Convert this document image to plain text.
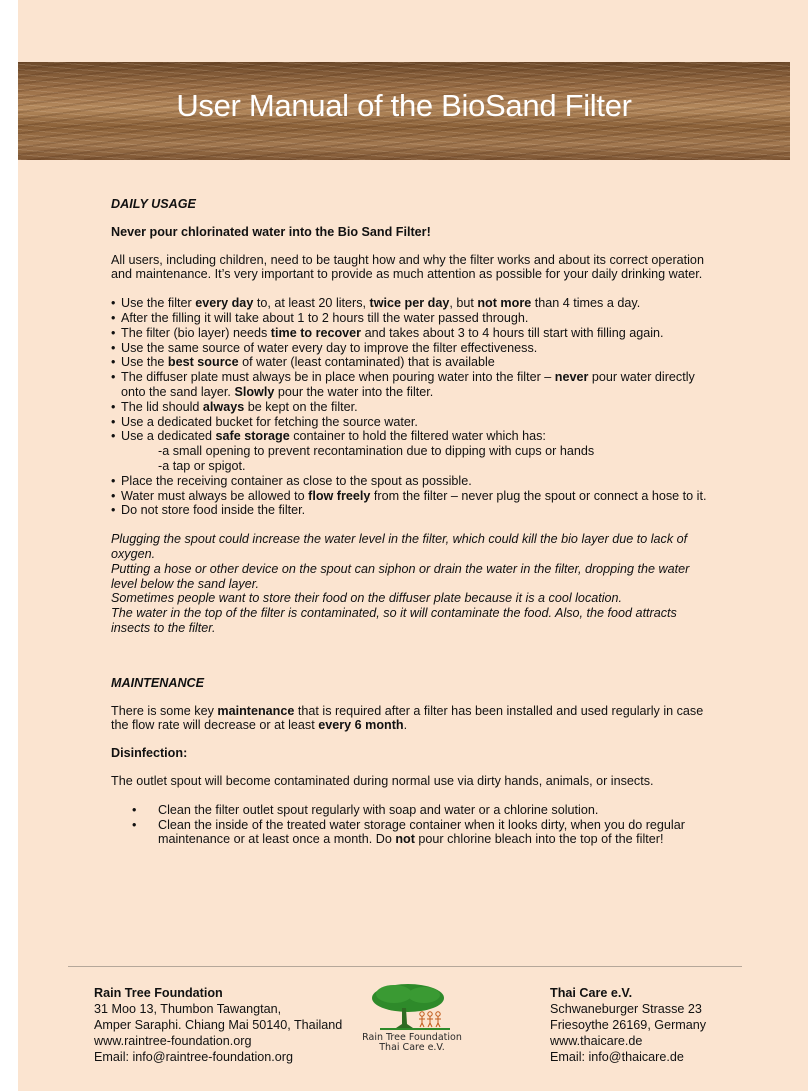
User Manual of the BioSand Filter
DAILY USAGE
Never pour chlorinated water into the Bio Sand Filter!
All users, including children, need to be taught how and why the filter works and about its correct operation and maintenance. It’s very important to provide as much attention as possible for your daily drinking water.
• Use the filter every day to, at least 20 liters, twice per day, but not more than 4 times a day.
• After the filling it will take about 1 to 2 hours till the water passed through.
• The filter (bio layer) needs time to recover and takes about 3 to 4 hours till start with filling again.
• Use the same source of water every day to improve the filter effectiveness.
• Use the best source of water (least contaminated) that is available
• The diffuser plate must always be in place when pouring water into the filter – never pour water directly onto the sand layer. Slowly pour the water into the filter.
• The lid should always be kept on the filter.
• Use a dedicated bucket for fetching the source water.
• Use a dedicated safe storage container to hold the filtered water which has:
-a small opening to prevent recontamination due to dipping with cups or hands
-a tap or spigot.
• Place the receiving container as close to the spout as possible.
• Water must always be allowed to flow freely from the filter – never plug the spout or connect a hose to it.
• Do not store food inside the filter.
Plugging the spout could increase the water level in the filter, which could kill the bio layer due to lack of oxygen.
Putting a hose or other device on the spout can siphon or drain the water in the filter, dropping the water level below the sand layer.
Sometimes people want to store their food on the diffuser plate because it is a cool location.
The water in the top of the filter is contaminated, so it will contaminate the food. Also, the food attracts insects to the filter.
MAINTENANCE
There is some key maintenance that is required after a filter has been installed and used regularly in case the flow rate will decrease or at least every 6 month.
Disinfection:
The outlet spout will become contaminated during normal use via dirty hands, animals, or insects.
• Clean the filter outlet spout regularly with soap and water or a chlorine solution.
• Clean the inside of the treated water storage container when it looks dirty, when you do regular maintenance or at least once a month. Do not pour chlorine bleach into the top of the filter!
Rain Tree Foundation
31 Moo 13, Thumbon Tawangtan,
Amper Saraphi. Chiang Mai 50140, Thailand
www.raintree-foundation.org
Email: info@raintree-foundation.org
Rain Tree Foundation
Thai Care e.V.
Thai Care e.V.
Schwaneburger Strasse 23
Friesoythe 26169, Germany
www.thaicare.de
Email: info@thaicare.de
